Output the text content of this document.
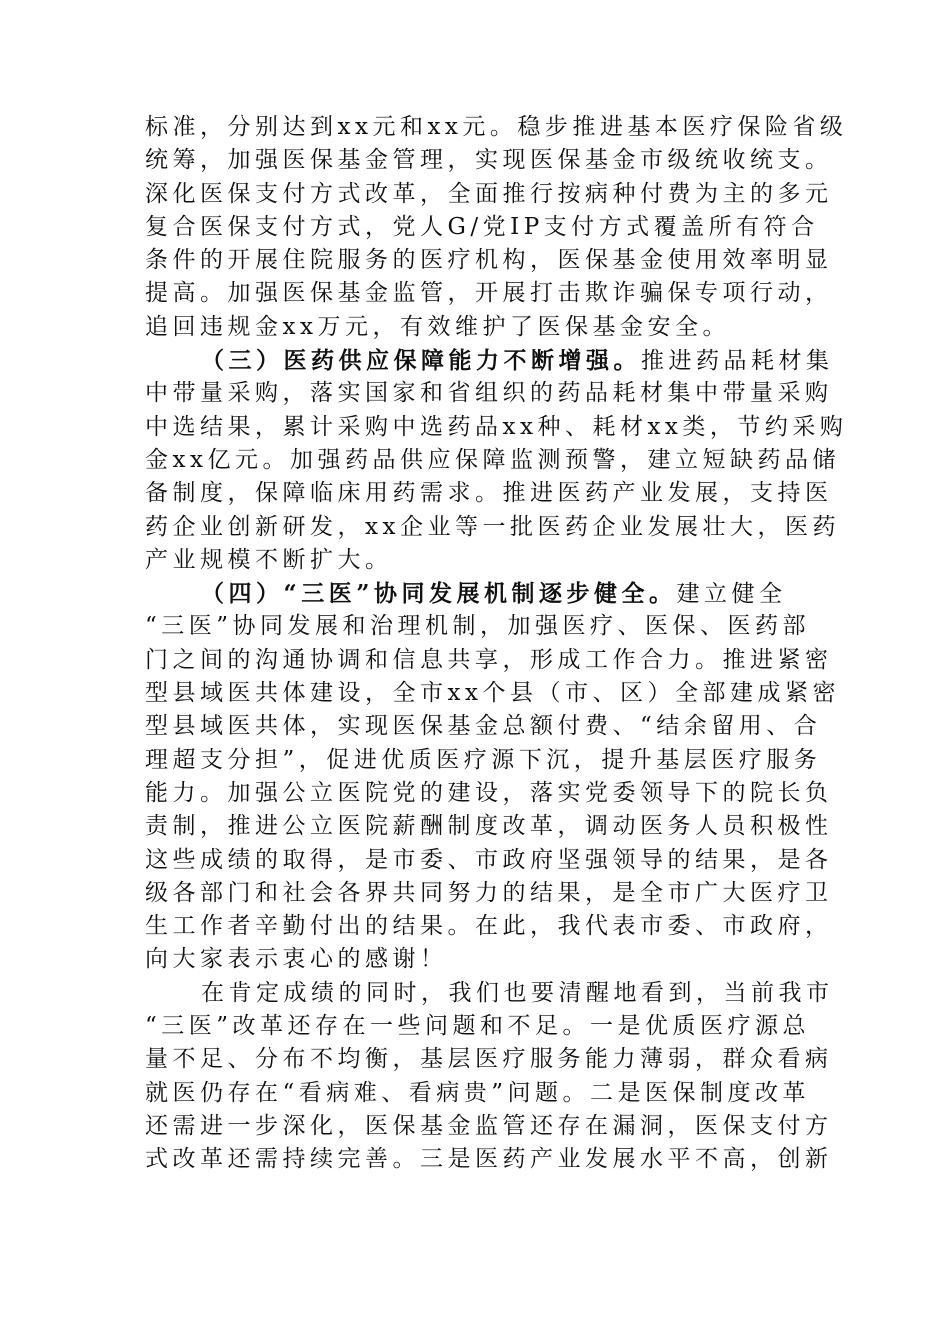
标准，分别达到xx元和xx元。稳步推进基本医疗保险省级
统筹，加强医保基金管理，实现医保基金市级统收统支。
深化医保支付方式改革，全面推行按病种付费为主的多元
复合医保支付方式，党人G/党IP支付方式覆盖所有符合
条件的开展住院服务的医疗机构，医保基金使用效率明显
提高。加强医保基金监管，开展打击欺诈骗保专项行动，
追回违规金xx万元，有效维护了医保基金安全。
（三）医药供应保障能力不断增强。推进药品耗材集
中带量采购，落实国家和省组织的药品耗材集中带量采购
中选结果，累计采购中选药品xx种、耗材xx类，节约采购
金xx亿元。加强药品供应保障监测预警，建立短缺药品储
备制度，保障临床用药需求。推进医药产业发展，支持医
药企业创新研发，xx企业等一批医药企业发展壮大，医药
产业规模不断扩大。
（四）“三医”协同发展机制逐步健全。建立健全
“三医”协同发展和治理机制，加强医疗、医保、医药部
门之间的沟通协调和信息共享，形成工作合力。推进紧密
型县域医共体建设，全市xx个县（市、区）全部建成紧密
型县域医共体，实现医保基金总额付费、“结余留用、合
理超支分担”，促进优质医疗源下沉，提升基层医疗服务
能力。加强公立医院党的建设，落实党委领导下的院长负
责制，推进公立医院薪酬制度改革，调动医务人员积极性
这些成绩的取得，是市委、市政府坚强领导的结果，是各
级各部门和社会各界共同努力的结果，是全市广大医疗卫
生工作者辛勤付出的结果。在此，我代表市委、市政府，
向大家表示衷心的感谢！
在肯定成绩的同时，我们也要清醒地看到，当前我市
“三医”改革还存在一些问题和不足。一是优质医疗源总
量不足、分布不均衡，基层医疗服务能力薄弱，群众看病
就医仍存在“看病难、看病贵”问题。二是医保制度改革
还需进一步深化，医保基金监管还存在漏洞，医保支付方
式改革还需持续完善。三是医药产业发展水平不高，创新
